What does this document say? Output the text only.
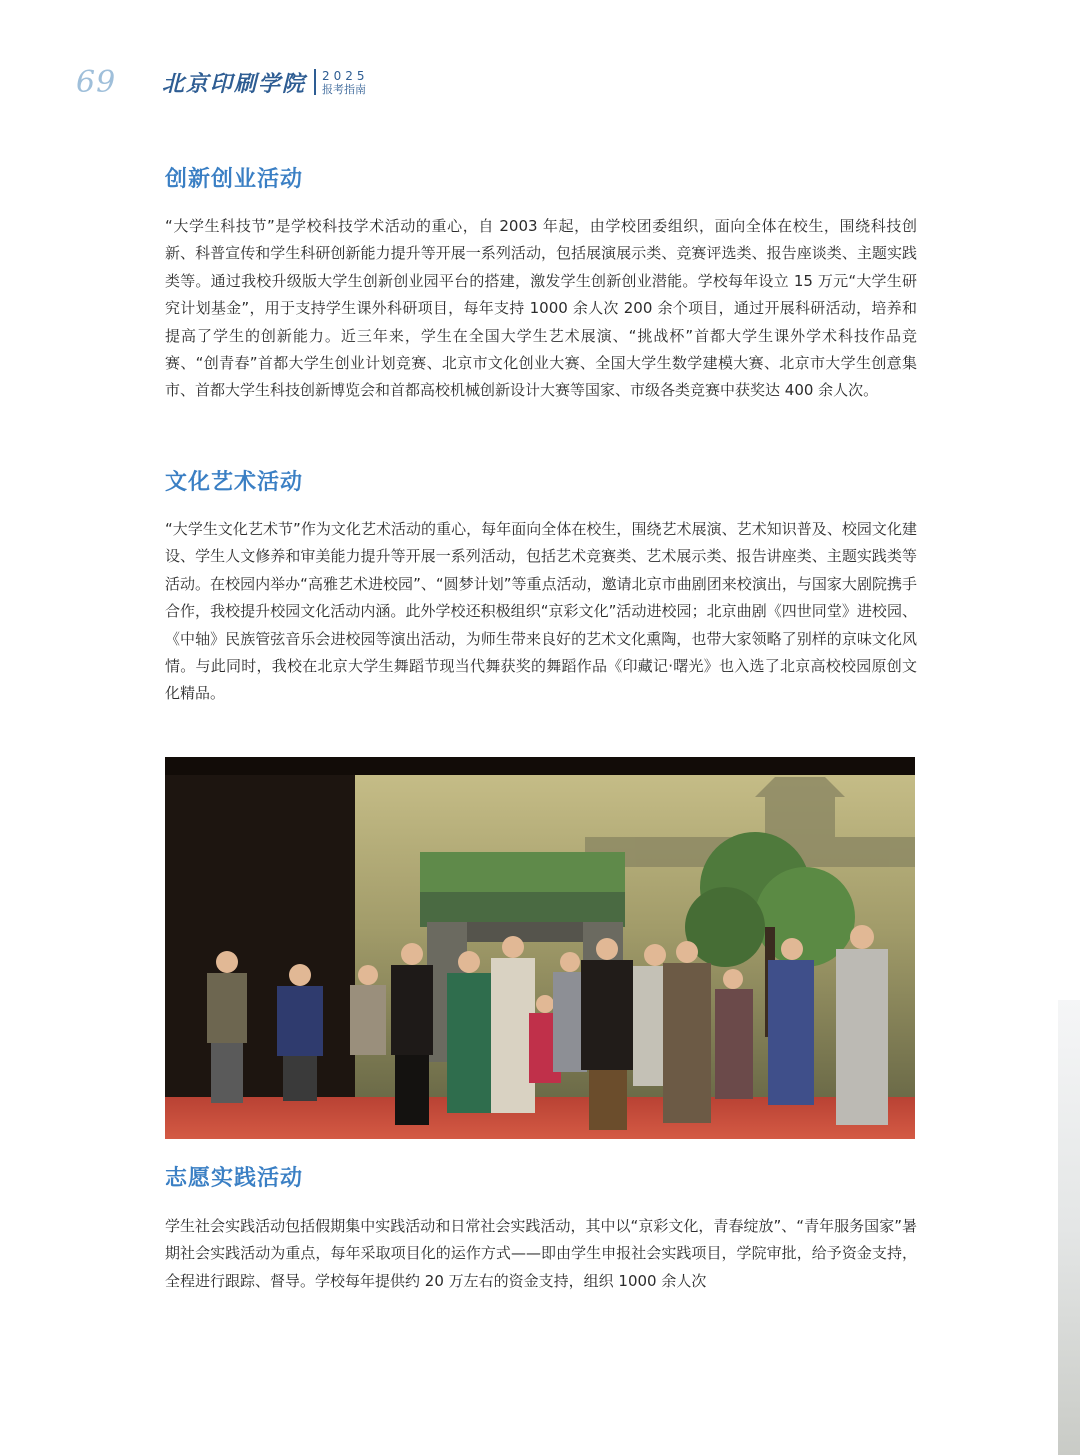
69	北京印刷学院 2025
报考指南
创新创业活动

“大学生科技节”是学校科技学术活动的重心，自 2003 年起，由学校团委组织，面向全体在校生，围绕科技创新、科普宣传和学生科研创新能力提升等开展一系列活动，包括展演展示类、竞赛评选类、报告座谈类、主题实践类等。通过我校升级版大学生创新创业园平台的搭建，激发学生创新创业潜能。学校每年设立 15 万元“大学生研究计划基金”，用于支持学生课外科研项目，每年支持 1000 余人次 200 余个项目，通过开展科研活动，培养和提高了学生的创新能力。近三年来，学生在全国大学生艺术展演、“挑战杯”首都大学生课外学术科技作品竞赛、“创青春”首都大学生创业计划竞赛、北京市文化创业大赛、全国大学生数学建模大赛、北京市大学生创意集市、首都大学生科技创新博览会和首都高校机械创新设计大赛等国家、市级各类竞赛中获奖达 400 余人次。

文化艺术活动

“大学生文化艺术节”作为文化艺术活动的重心，每年面向全体在校生，围绕艺术展演、艺术知识普及、校园文化建设、学生人文修养和审美能力提升等开展一系列活动，包括艺术竞赛类、艺术展示类、报告讲座类、主题实践类等活动。在校园内举办“高雅艺术进校园”、“圆梦计划”等重点活动，邀请北京市曲剧团来校演出，与国家大剧院携手合作，我校提升校园文化活动内涵。此外学校还积极组织“京彩文化”活动进校园；北京曲剧《四世同堂》进校园、《中轴》民族管弦音乐会进校园等演出活动，为师生带来良好的艺术文化熏陶，也带大家领略了别样的京味文化风情。与此同时，我校在北京大学生舞蹈节现当代舞获奖的舞蹈作品《印藏记·曙光》也入选了北京高校校园原创文化精品。

志愿实践活动

学生社会实践活动包括假期集中实践活动和日常社会实践活动，其中以“京彩文化，青春绽放”、“青年服务国家”暑期社会实践活动为重点，每年采取项目化的运作方式——即由学生申报社会实践项目，学院审批，给予资金支持，全程进行跟踪、督导。学校每年提供约 20 万左右的资金支持，组织 1000 余人次
